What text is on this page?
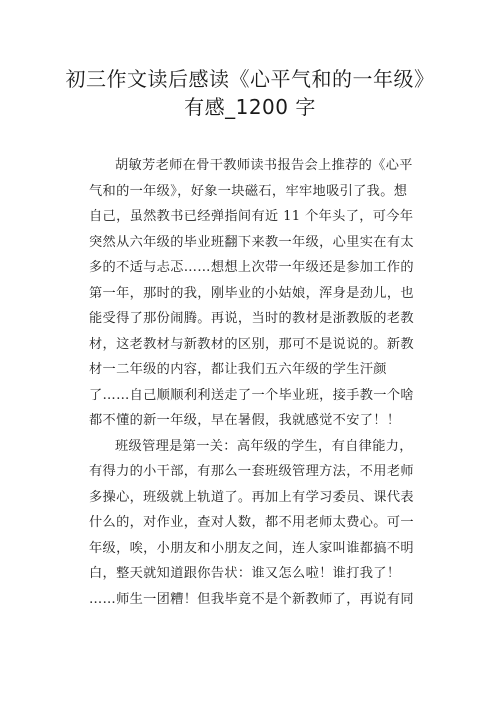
初三作文读后感读《心平气和的一年级》
有感_1200 字
胡敏芳老师在骨干教师读书报告会上推荐的《心平
气和的一年级》，好象一块磁石，牢牢地吸引了我。想
自己，虽然教书已经弹指间有近 11 个年头了，可今年
突然从六年级的毕业班翻下来教一年级，心里实在有太
多的不适与忐忑……想想上次带一年级还是参加工作的
第一年，那时的我，刚毕业的小姑娘，浑身是劲儿，也
能受得了那份闹腾。再说，当时的教材是浙教版的老教
材，这老教材与新教材的区别，那可不是说说的。新教
材一二年级的内容，都让我们五六年级的学生汗颜
了……自己顺顺利利送走了一个毕业班，接手教一个啥
都不懂的新一年级，早在暑假，我就感觉不安了！！
班级管理是第一关：高年级的学生，有自律能力，
有得力的小干部，有那么一套班级管理方法，不用老师
多操心，班级就上轨道了。再加上有学习委员、课代表
什么的，对作业，查对人数，都不用老师太费心。可一
年级，唉，小朋友和小朋友之间，连人家叫谁都搞不明
白，整天就知道跟你告状：谁又怎么啦！谁打我了！
……师生一团糟！但我毕竟不是个新教师了，再说有同
